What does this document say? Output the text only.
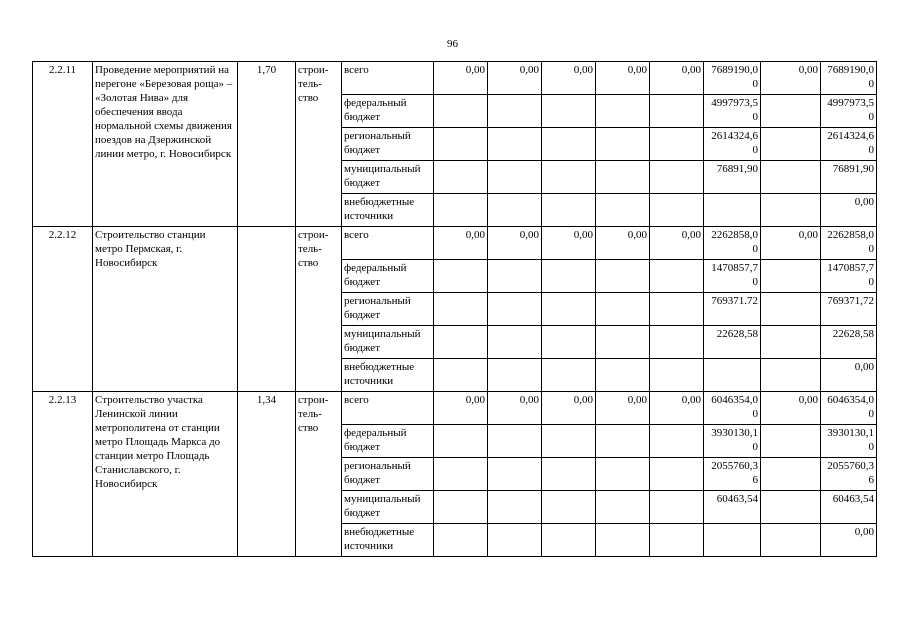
96
2.2.11	Проведение мероприятий на перегоне «Березовая роща» – «Золотая Нива» для обеспечения ввода нормальной схемы движения поездов на Дзержинской линии метро, г. Новосибирск	1,70	строи-тель-ство	всего	0,00	0,00	0,00	0,00	0,00	7689190,00	0,00	7689190,00
				федеральный бюджет						4997973,50		4997973,50
				региональный бюджет						2614324,60		2614324,60
				муниципальный бюджет						76891,90		76891,90
				внебюджетные источники								0,00
2.2.12	Строительство станции метро Пермская, г. Новосибирск		строи-тель-ство	всего	0,00	0,00	0,00	0,00	0,00	2262858,00	0,00	2262858,00
				федеральный бюджет						1470857,70		1470857,70
				региональный бюджет						769371.72		769371,72
				муниципальный бюджет						22628,58		22628,58
				внебюджетные источники								0,00
2.2.13	Строительство участка Ленинской линии метрополитена от станции метро Площадь Маркса до станции метро Площадь Станиславского, г. Новосибирск	1,34	строи-тель-ство	всего	0,00	0,00	0,00	0,00	0,00	6046354,00	0,00	6046354,00
				федеральный бюджет						3930130,10		3930130,10
				региональный бюджет						2055760,36		2055760,36
				муниципальный бюджет						60463,54		60463,54
				внебюджетные источники								0,00
